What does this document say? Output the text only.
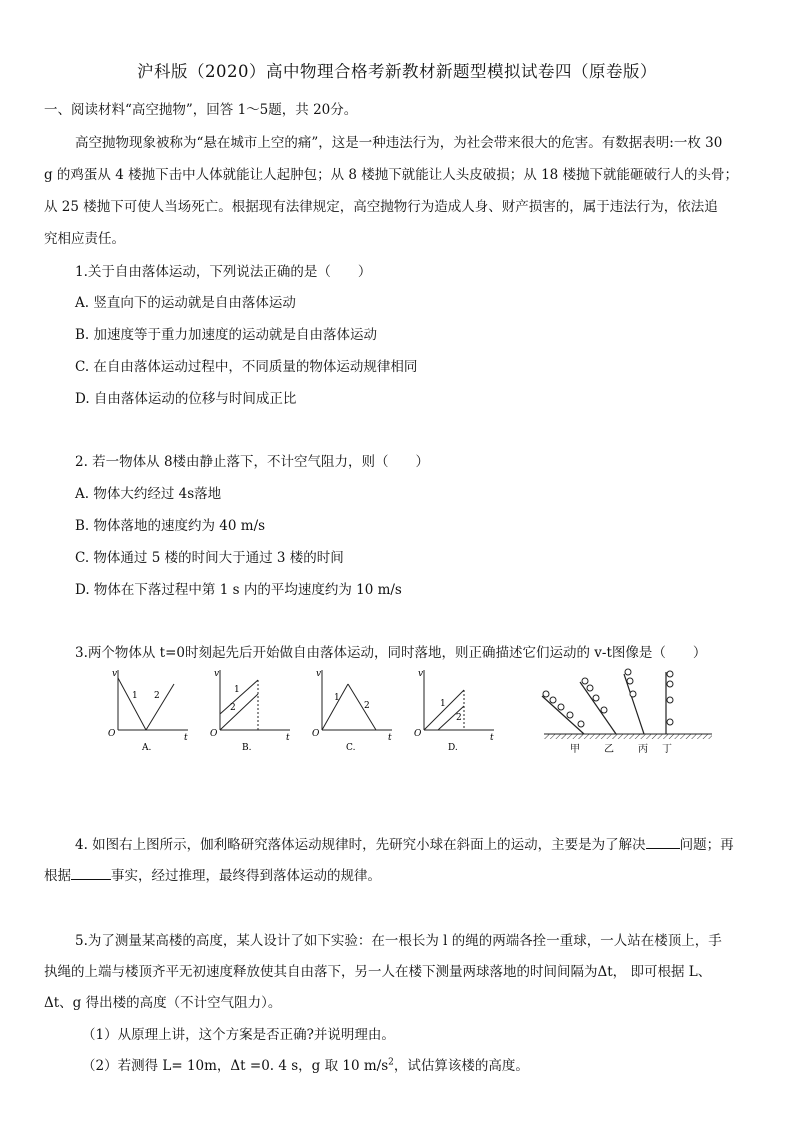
沪科版（2020）高中物理合格考新教材新题型模拟试卷四（原卷版）
一、阅读材料“高空抛物”，回答 1～5题，共 20分。
高空抛物现象被称为“悬在城市上空的痛”，这是一种违法行为，为社会带来很大的危害。有数据表明:一枚 30
g 的鸡蛋从 4 楼抛下击中人体就能让人起肿包；从 8 楼抛下就能让人头皮破损；从 18 楼抛下就能砸破行人的头骨；
从 25 楼抛下可使人当场死亡。根据现有法律规定，高空抛物行为造成人身、财产损害的，属于违法行为，依法追
究相应责任。
1.关于自由落体运动，下列说法正确的是（　　）
A. 竖直向下的运动就是自由落体运动
B. 加速度等于重力加速度的运动就是自由落体运动
C. 在自由落体运动过程中，不同质量的物体运动规律相同
D. 自由落体运动的位移与时间成正比
2. 若一物体从 8楼由静止落下，不计空气阻力，则（　　）
A. 物体大约经过 4s落地
B. 物体落地的速度约为 40 m/s
C. 物体通过 5 楼的时间大于通过 3 楼的时间
D. 物体在下落过程中第 1 s 内的平均速度约为 10 m/s
3.两个物体从 t=0时刻起先后开始做自由落体运动，同时落地，则正确描述它们运动的 v-t图像是（　　）
v
t
O
1 2
A.
v
t
O
1
2
B.
v
t
O
1
2
C.
v
t
O
1
2
D.	甲 乙 丙 丁
4. 如图右上图所示，伽利略研究落体运动规律时，先研究小球在斜面上的运动，主要是为了解决	问题；再
根据	事实，经过推理，最终得到落体运动的规律。
5.为了测量某高楼的高度，某人设计了如下实验：在一根长为 l 的绳的两端各拴一重球，一人站在楼顶上，手
执绳的上端与楼顶齐平无初速度释放使其自由落下，另一人在楼下测量两球落地的时间间隔为Δt， 即可根据 L、
Δt、g 得出楼的高度（不计空气阻力）。
（1）从原理上讲，这个方案是否正确?并说明理由。
（2）若测得 L= 10m，Δt =0. 4 s，g 取 10 $m/s^2$，试估算该楼的高度。
